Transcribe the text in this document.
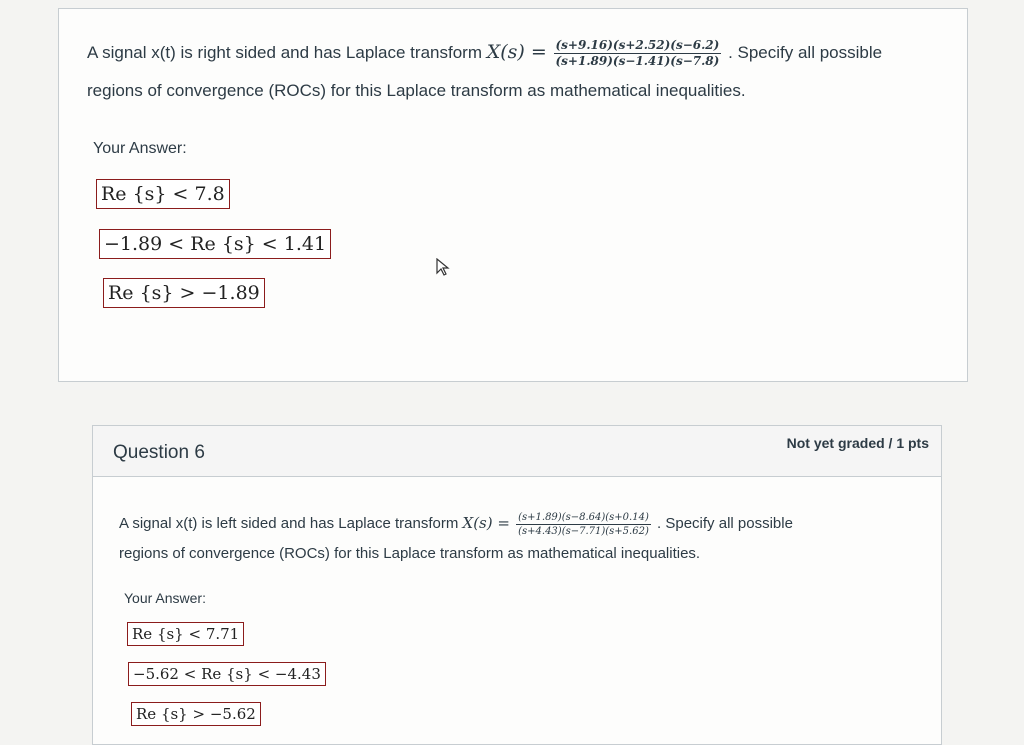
A signal x(t) is right sided and has Laplace transform $X(s) = \frac{(s+9.16)(s+2.52)(s-6.2)}{(s+1.89)(s-1.41)(s-7.8)}$ . Specify all possible
regions of convergence (ROCs) for this Laplace transform as mathematical inequalities.
Your Answer:
Re {s} < 7.8
−1.89 < Re {s} < 1.41
Re {s} > −1.89
Question 6	Not yet graded / 1 pts
A signal x(t) is left sided and has Laplace transform $X(s) = \frac{(s+1.89)(s-8.64)(s+0.14)}{(s+4.43)(s-7.71)(s+5.62)}$ . Specify all possible
regions of convergence (ROCs) for this Laplace transform as mathematical inequalities.
Your Answer:
Re {s} < 7.71
−5.62 < Re {s} < −4.43
Re {s} > −5.62
